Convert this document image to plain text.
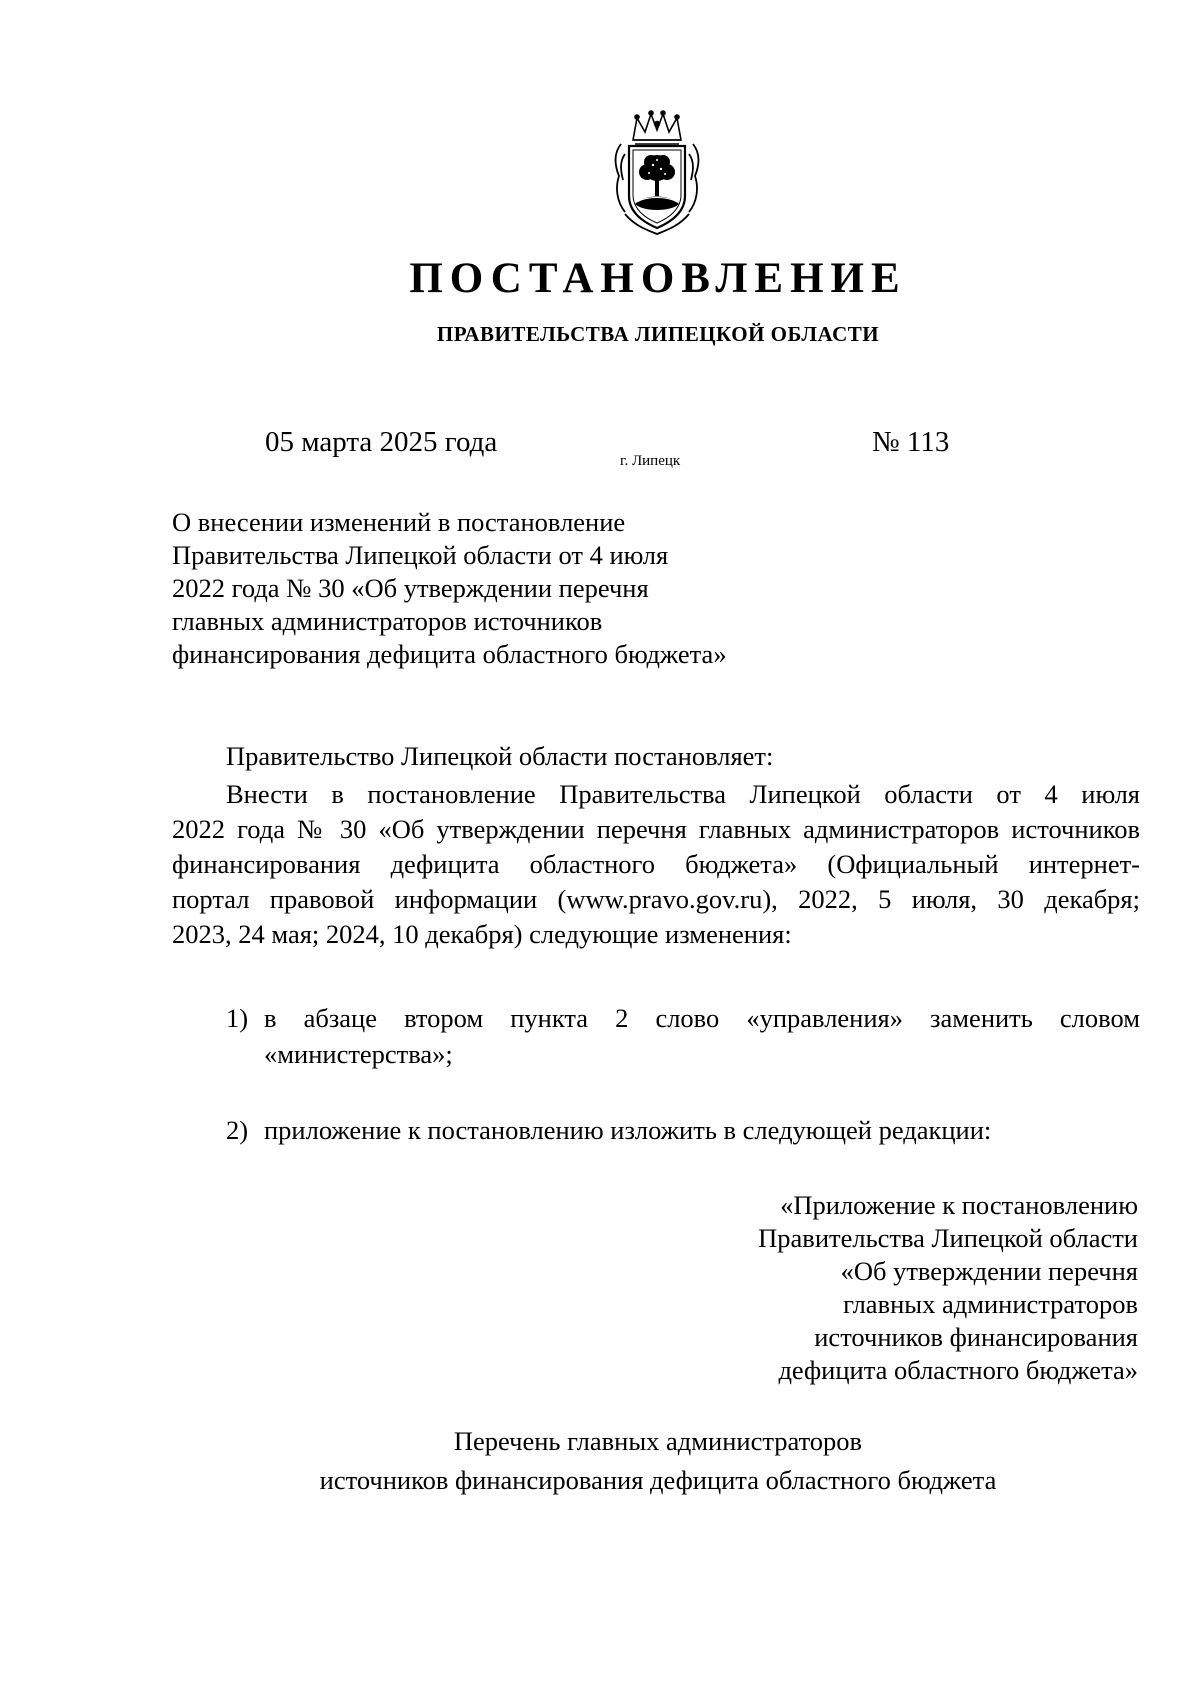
ПОСТАНОВЛЕНИЕ
ПРАВИТЕЛЬСТВА ЛИПЕЦКОЙ ОБЛАСТИ
05 марта 2025 года
г. Липецк
№ 113
О внесении изменений в постановление
Правительства Липецкой области от 4 июля
2022 года № 30 «Об утверждении перечня
главных администраторов источников
финансирования дефицита областного бюджета»
Правительство Липецкой области постановляет:
Внести в постановление Правительства Липецкой области от 4 июля
2022 года № 30 «Об утверждении перечня главных администраторов источников
финансирования дефицита областного бюджета» (Официальный интернет-
портал правовой информации (www.pravo.gov.ru), 2022, 5 июля, 30 декабря;
2023, 24 мая; 2024, 10 декабря) следующие изменения:
1) в абзаце втором пункта 2 слово «управления» заменить словом
«министерства»;
2) приложение к постановлению изложить в следующей редакции:
«Приложение к постановлению
Правительства Липецкой области
«Об утверждении перечня
главных администраторов
источников финансирования
дефицита областного бюджета»
Перечень главных администраторов
источников финансирования дефицита областного бюджета
